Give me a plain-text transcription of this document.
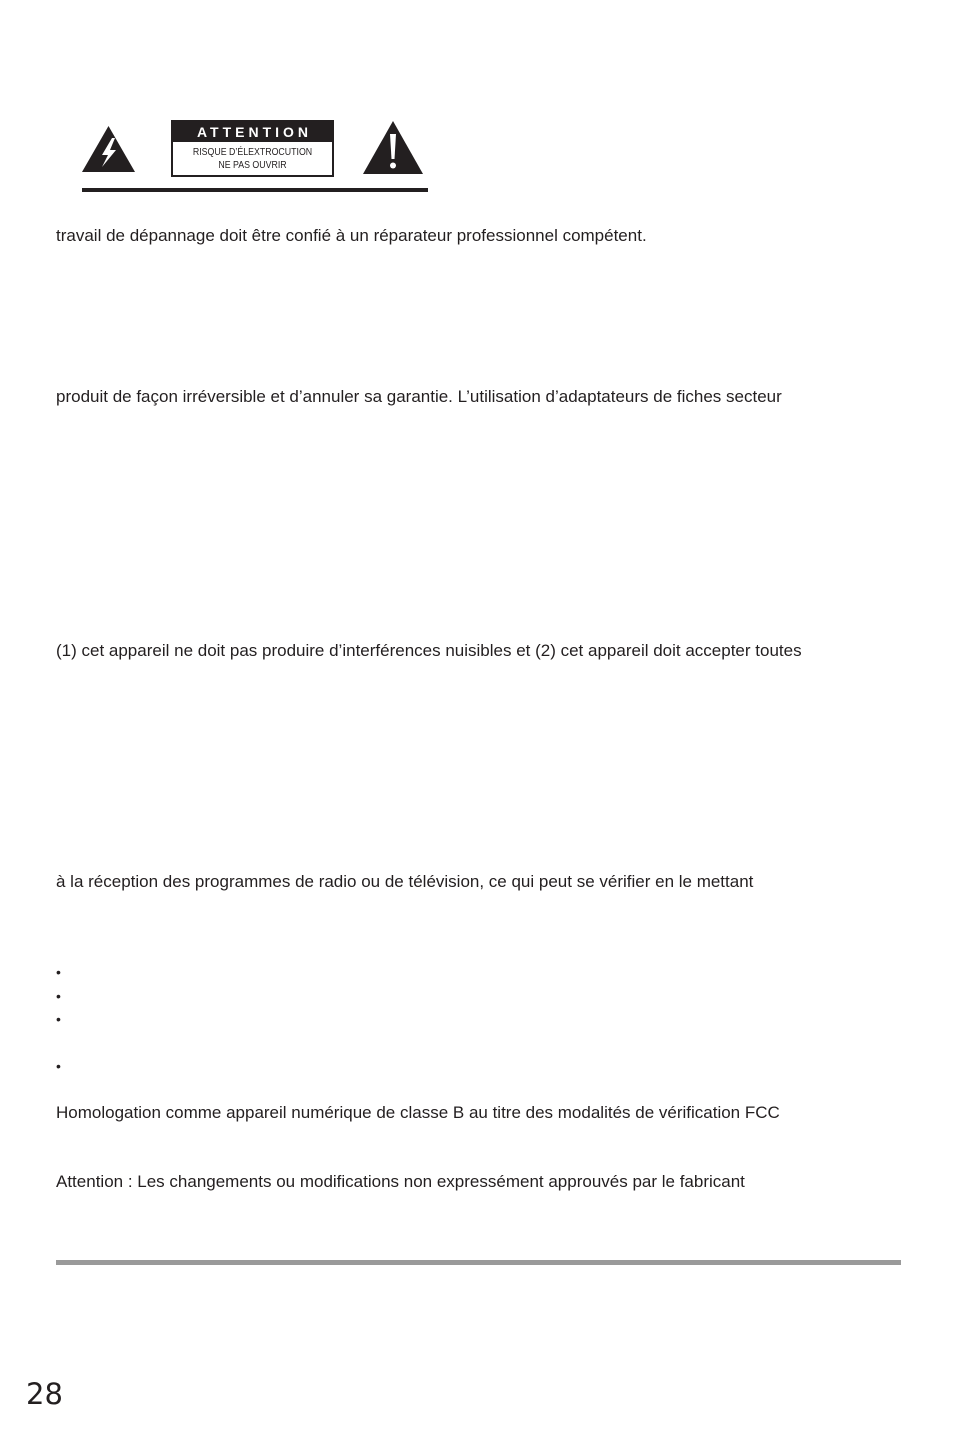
ATTENTION
RISQUE D’ÉLEXTROCUTION
NE PAS OUVRIR
travail de dépannage doit être confié à un réparateur professionnel compétent.
produit de façon irréversible et d’annuler sa garantie. L’utilisation d’adaptateurs de fiches secteur
(1) cet appareil ne doit pas produire d’interférences nuisibles et (2) cet appareil doit accepter toutes
à la réception des programmes de radio ou de télévision, ce qui peut se vérifier en le mettant
•
•
•
•
Homologation comme appareil numérique de classe B au titre des modalités de vérification FCC
Attention : Les changements ou modifications non expressément approuvés par le fabricant
28
